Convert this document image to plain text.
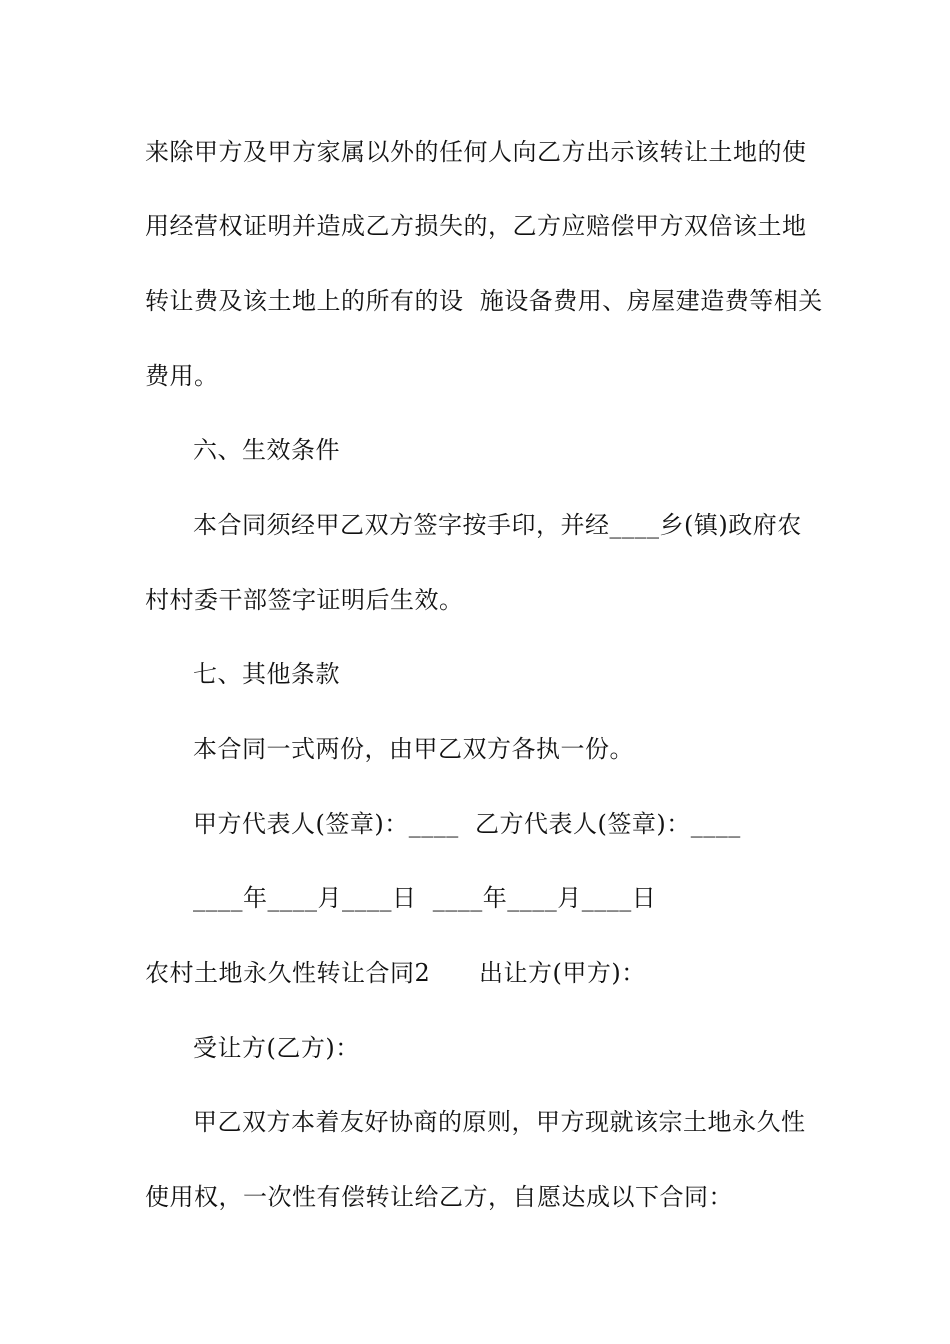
来除甲方及甲方家属以外的任何人向乙方出示该转让土地的使
用经营权证明并造成乙方损失的，乙方应赔偿甲方双倍该土地
转让费及该土地上的所有的设  施设备费用、房屋建造费等相关
费用。
六、生效条件
本合同须经甲乙双方签字按手印，并经____乡(镇)政府农
村村委干部签字证明后生效。
七、其他条款
本合同一式两份，由甲乙双方各执一份。
甲方代表人(签章)：____  乙方代表人(签章)：____
____年____月____日  ____年____月____日
农村土地永久性转让合同2      出让方(甲方)：
受让方(乙方)：
甲乙双方本着友好协商的原则，甲方现就该宗土地永久性
使用权，一次性有偿转让给乙方，自愿达成以下合同：
